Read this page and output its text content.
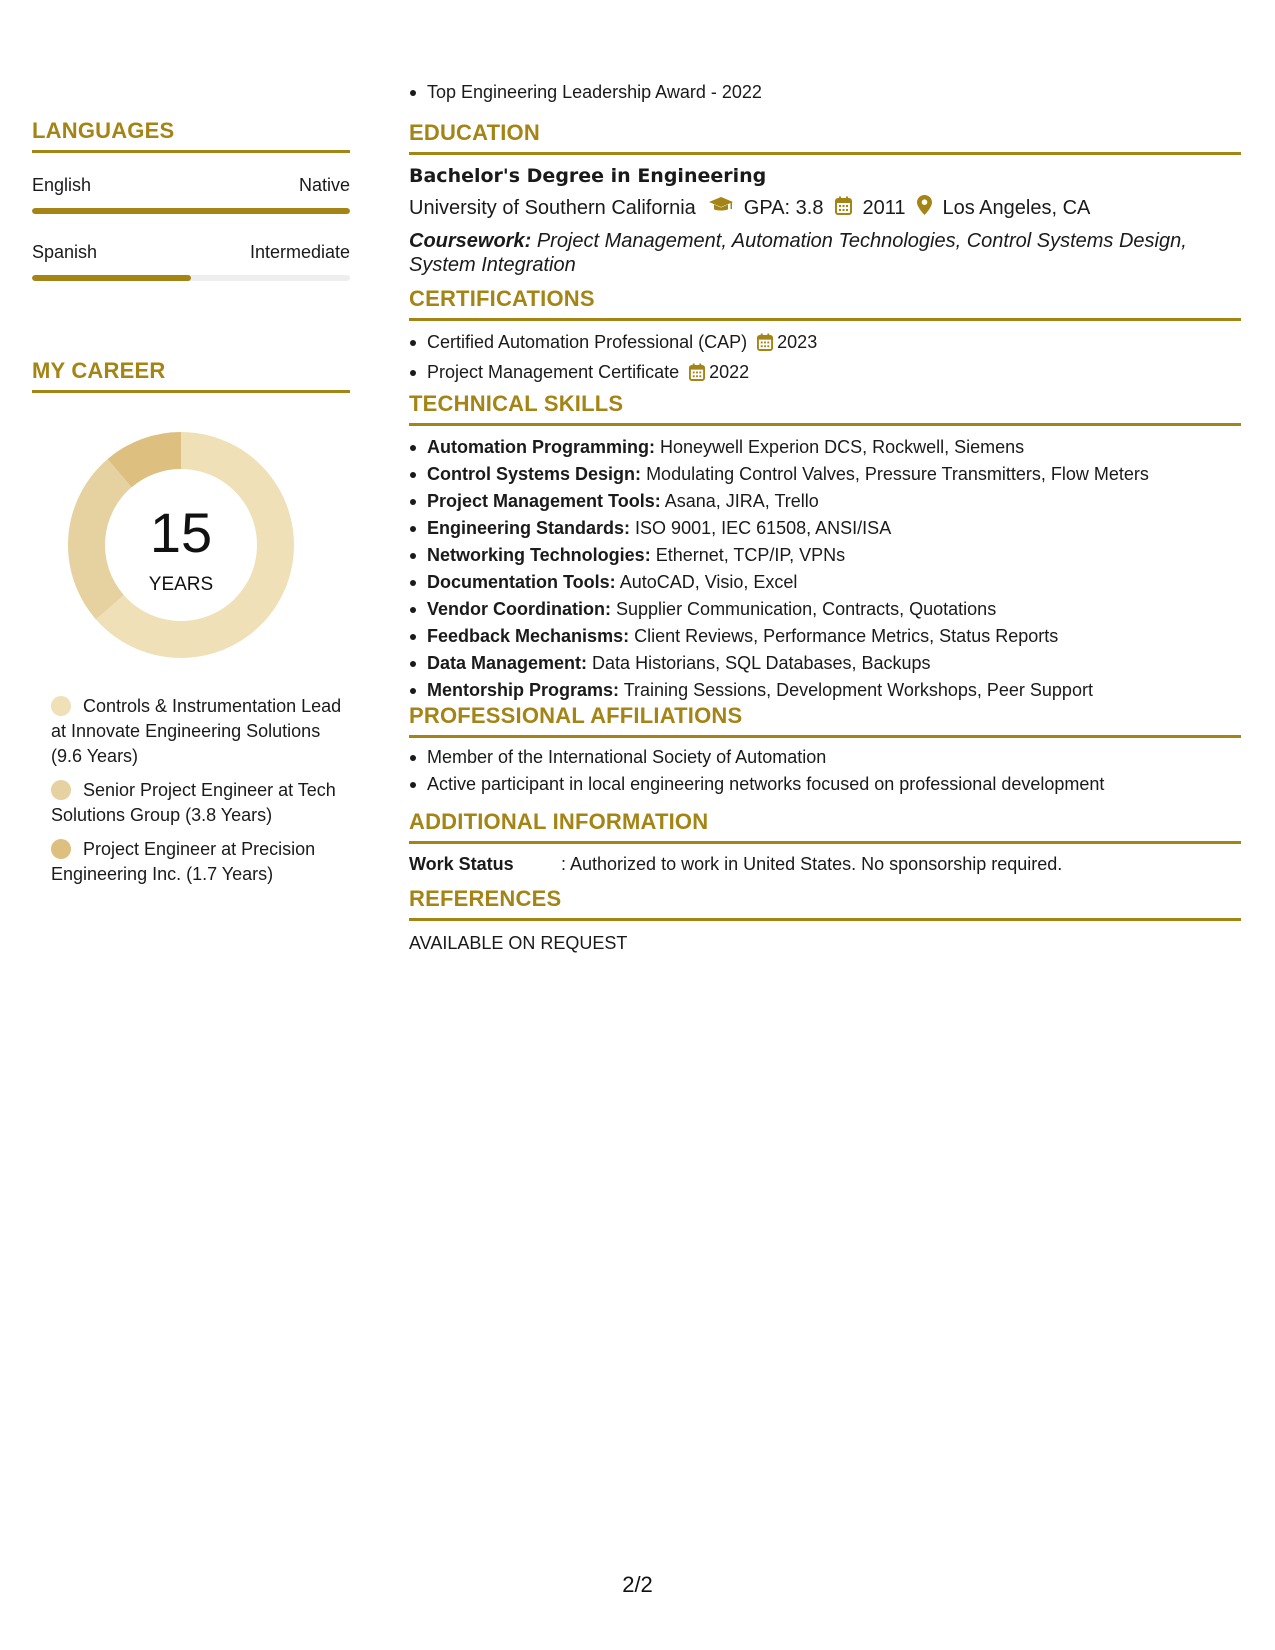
LANGUAGES
English	Native
Spanish	Intermediate
MY CAREER
15
YEARS
Controls & Instrumentation Lead at Innovate Engineering Solutions (9.6 Years)
Senior Project Engineer at Tech Solutions Group (3.8 Years)
Project Engineer at Precision Engineering Inc. (1.7 Years)
Top Engineering Leadership Award - 2022
EDUCATION
Bachelor's Degree in Engineering
University of Southern California GPA: 3.8 2011 Los Angeles, CA
Coursework: Project Management, Automation Technologies, Control Systems Design, System Integration
CERTIFICATIONS
Certified Automation Professional (CAP) 2023
Project Management Certificate 2022
TECHNICAL SKILLS
Automation Programming: Honeywell Experion DCS, Rockwell, Siemens
Control Systems Design: Modulating Control Valves, Pressure Transmitters, Flow Meters
Project Management Tools: Asana, JIRA, Trello
Engineering Standards: ISO 9001, IEC 61508, ANSI/ISA
Networking Technologies: Ethernet, TCP/IP, VPNs
Documentation Tools: AutoCAD, Visio, Excel
Vendor Coordination: Supplier Communication, Contracts, Quotations
Feedback Mechanisms: Client Reviews, Performance Metrics, Status Reports
Data Management: Data Historians, SQL Databases, Backups
Mentorship Programs: Training Sessions, Development Workshops, Peer Support
PROFESSIONAL AFFILIATIONS
Member of the International Society of Automation
Active participant in local engineering networks focused on professional development
ADDITIONAL INFORMATION
Work Status	: Authorized to work in United States. No sponsorship required.
REFERENCES
AVAILABLE ON REQUEST
2/2
